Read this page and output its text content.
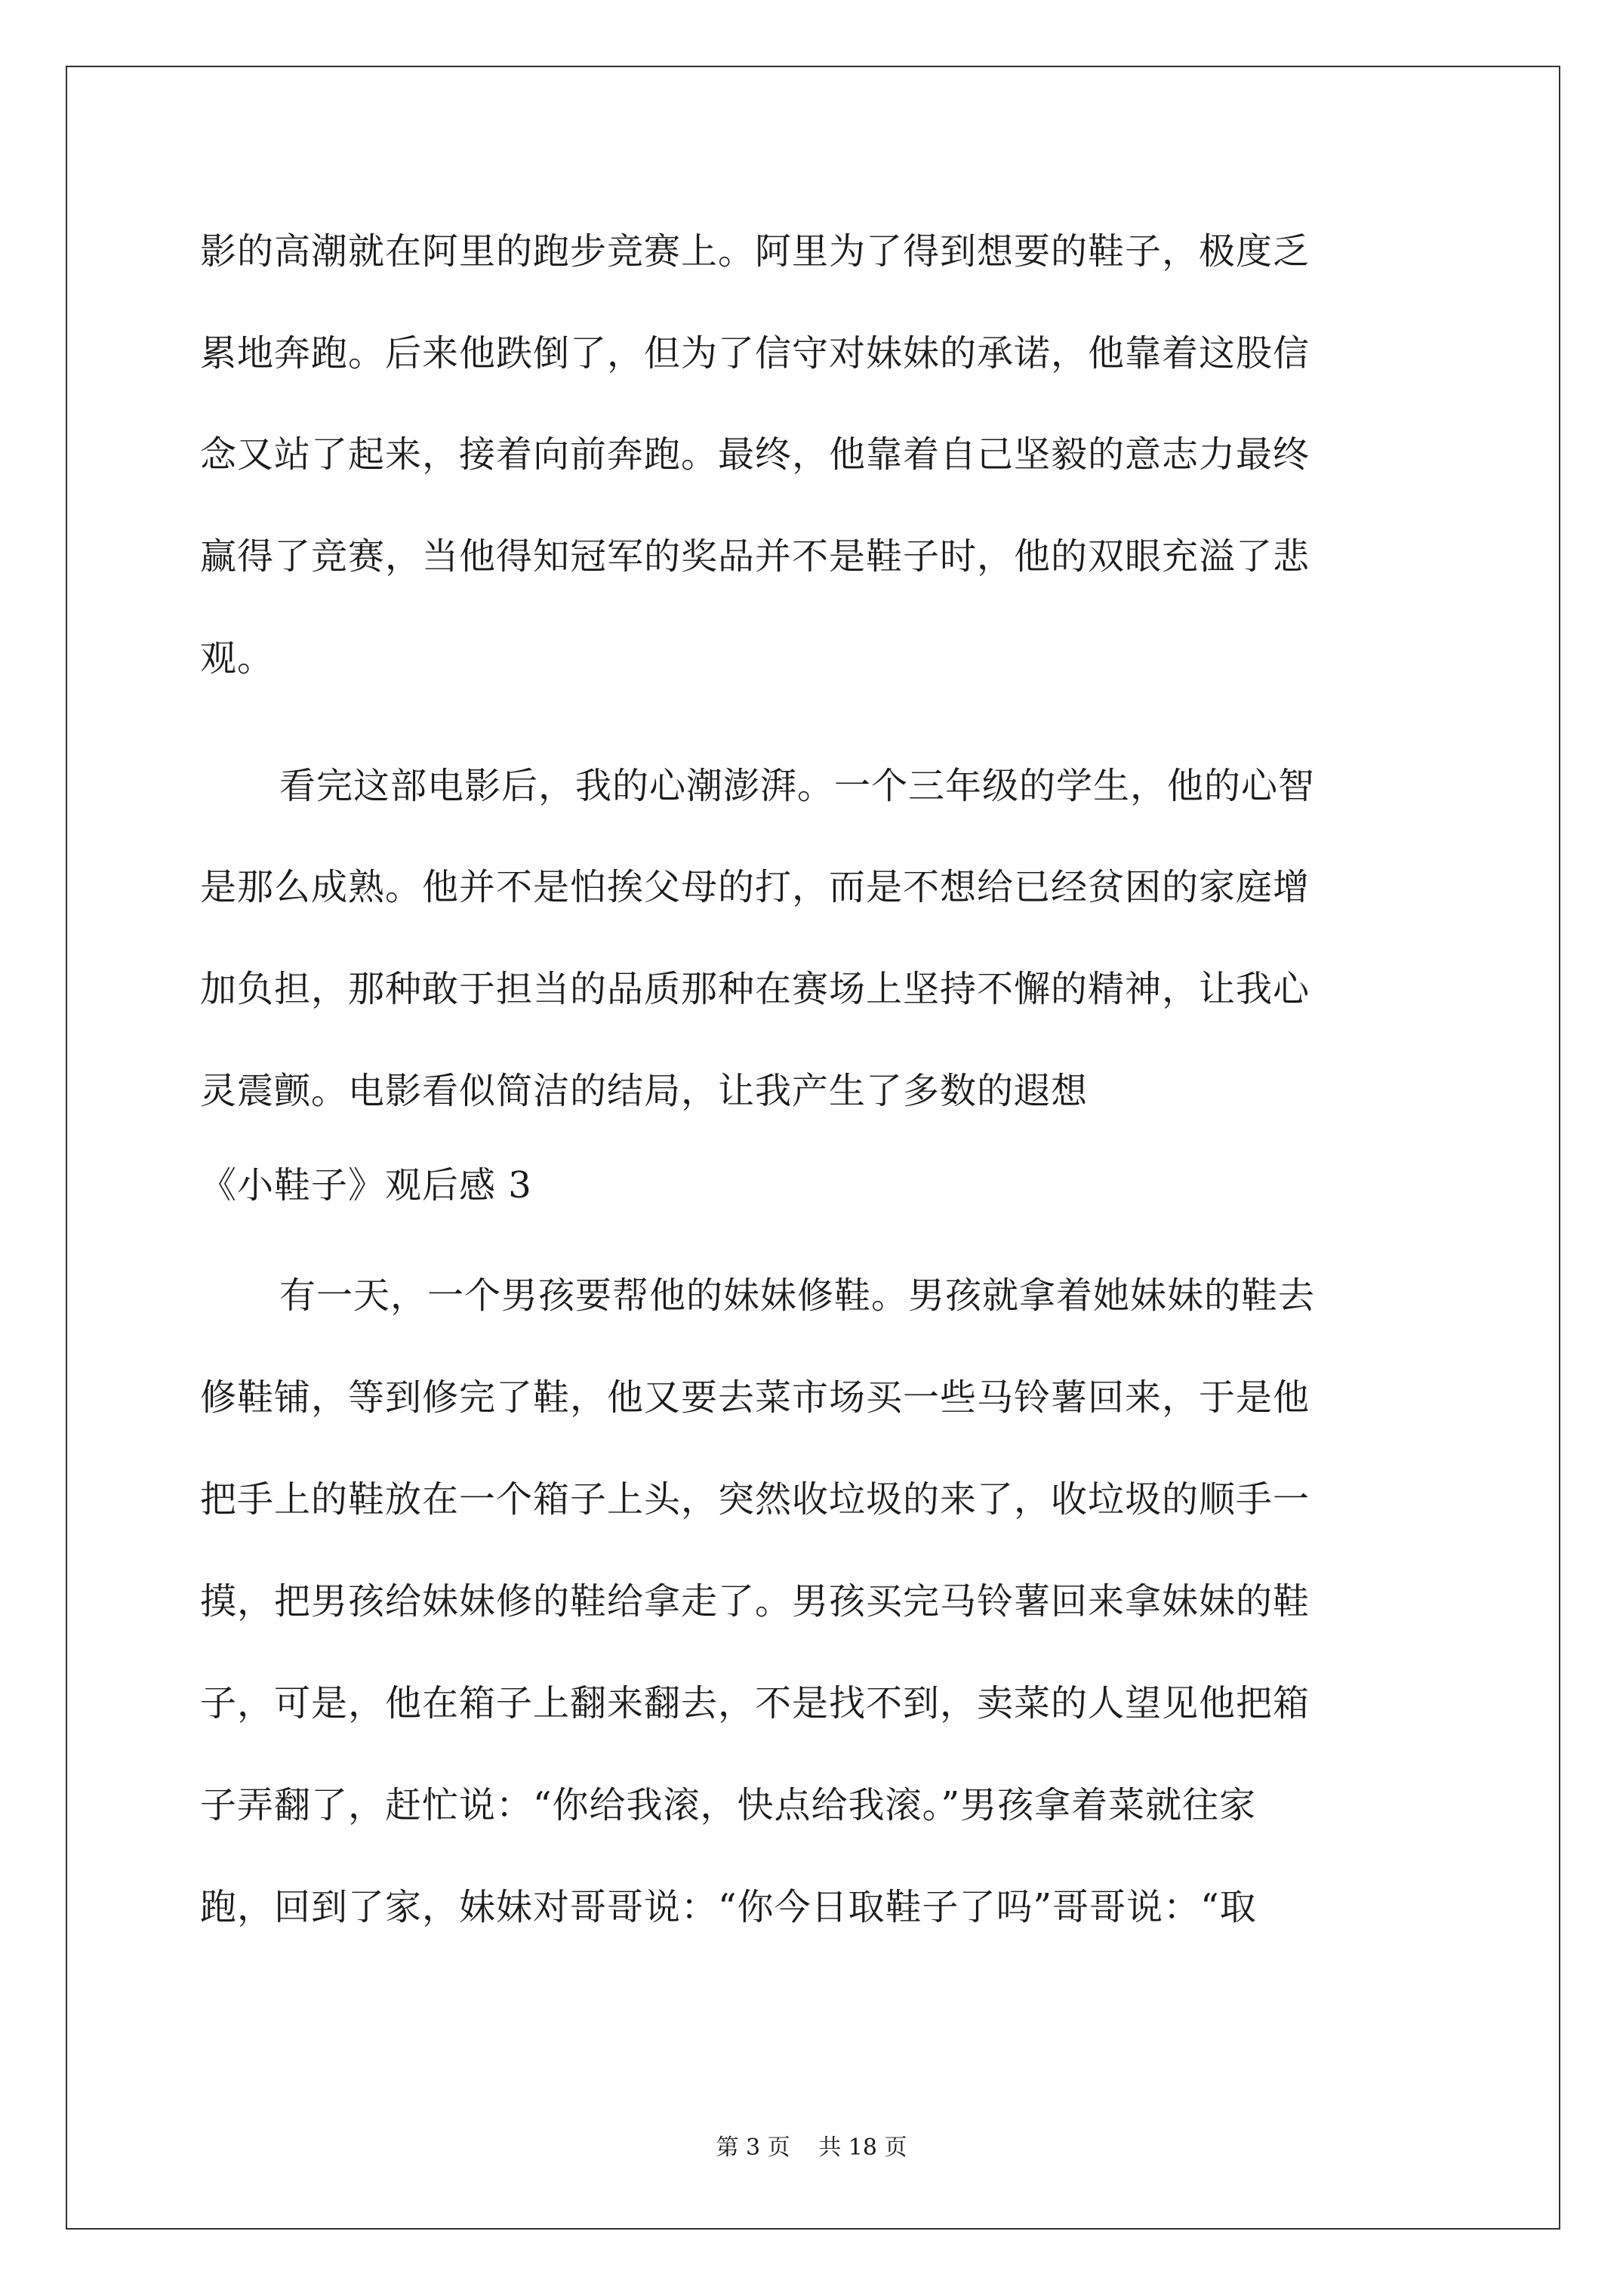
影的高潮就在阿里的跑步竞赛上。阿里为了得到想要的鞋子，极度乏
累地奔跑。后来他跌倒了，但为了信守对妹妹的承诺，他靠着这股信
念又站了起来，接着向前奔跑。最终，他靠着自己坚毅的意志力最终
赢得了竞赛，当他得知冠军的奖品并不是鞋子时，他的双眼充溢了悲
观。
看完这部电影后，我的心潮澎湃。一个三年级的学生，他的心智
是那么成熟。他并不是怕挨父母的打，而是不想给已经贫困的家庭增
加负担，那种敢于担当的品质那种在赛场上坚持不懈的精神，让我心
灵震颤。电影看似简洁的结局，让我产生了多数的遐想
《小鞋子》观后感 3
有一天，一个男孩要帮他的妹妹修鞋。男孩就拿着她妹妹的鞋去
修鞋铺，等到修完了鞋，他又要去菜市场买一些马铃薯回来，于是他
把手上的鞋放在一个箱子上头，突然收垃圾的来了，收垃圾的顺手一
摸，把男孩给妹妹修的鞋给拿走了。男孩买完马铃薯回来拿妹妹的鞋
子，可是，他在箱子上翻来翻去，不是找不到，卖菜的人望见他把箱
子弄翻了，赶忙说：“你给我滚，快点给我滚。”男孩拿着菜就往家
跑，回到了家，妹妹对哥哥说：“你今日取鞋子了吗”哥哥说：“取
第 3 页 共 18 页
